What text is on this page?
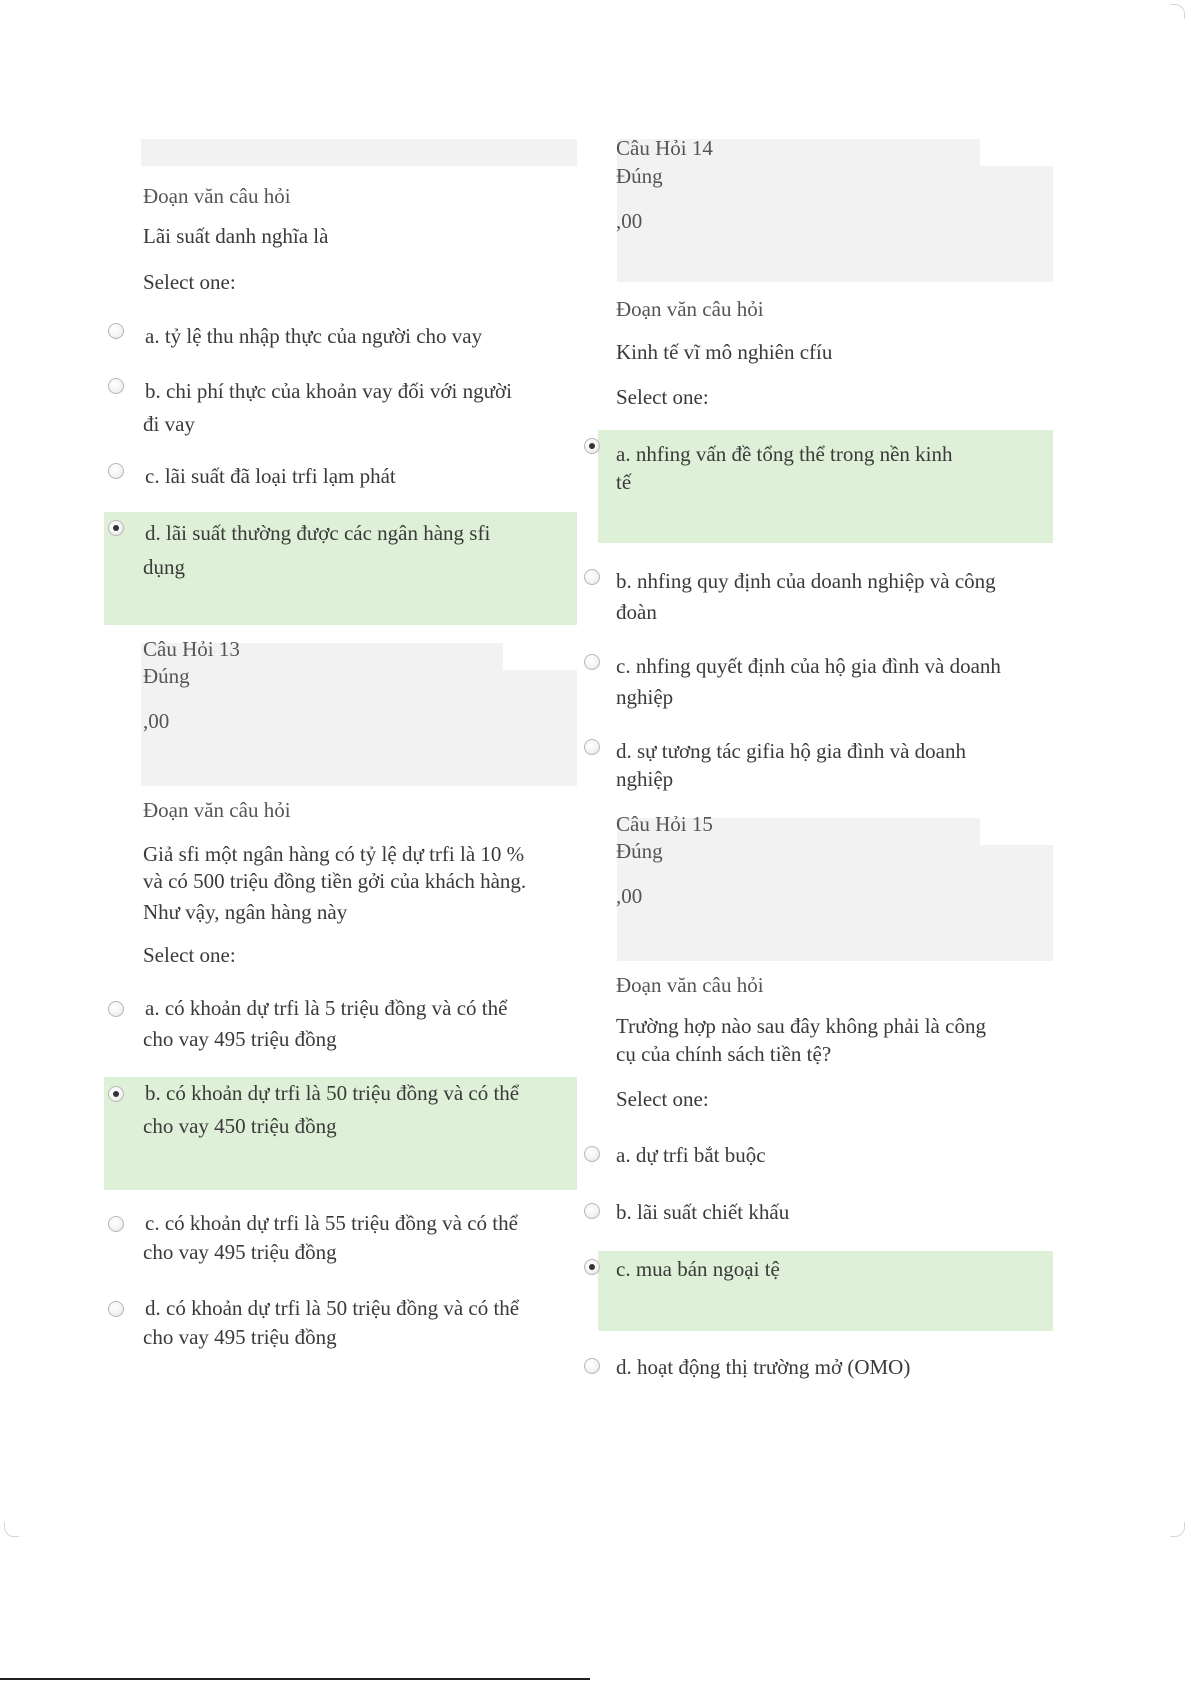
Đoạn văn câu hỏi
Lãi suất danh nghĩa là
Select one:
a. tỷ lệ thu nhập thực của người cho vay
b. chi phí thực của khoản vay đối với người
đi vay
c. lãi suất đã loại trfi lạm phát
d. lãi suất thường được các ngân hàng sfi
dụng
Câu Hỏi 13
Đúng
,00
Đoạn văn câu hỏi
Giả sfi một ngân hàng có tỷ lệ dự trfi là 10 %
và có 500 triệu đồng tiền gởi của khách hàng.
Như vậy, ngân hàng này
Select one:
a. có khoản dự trfi là 5 triệu đồng và có thể
cho vay 495 triệu đồng
b. có khoản dự trfi là 50 triệu đồng và có thể
cho vay 450 triệu đồng
c. có khoản dự trfi là 55 triệu đồng và có thể
cho vay 495 triệu đồng
d. có khoản dự trfi là 50 triệu đồng và có thể
cho vay 495 triệu đồng
Câu Hỏi 14
Đúng
,00
Đoạn văn câu hỏi
Kinh tế vĩ mô nghiên cfíu
Select one:
a. nhfing vấn đề tổng thể trong nền kinh
tế
b. nhfing quy định của doanh nghiệp và công
đoàn
c. nhfing quyết định của hộ gia đình và doanh
nghiệp
d. sự tương tác gifia hộ gia đình và doanh
nghiệp
Câu Hỏi 15
Đúng
,00
Đoạn văn câu hỏi
Trường hợp nào sau đây không phải là công
cụ của chính sách tiền tệ?
Select one:
a. dự trfi bắt buộc
b. lãi suất chiết khấu
c. mua bán ngoại tệ
d. hoạt động thị trường mở (OMO)
